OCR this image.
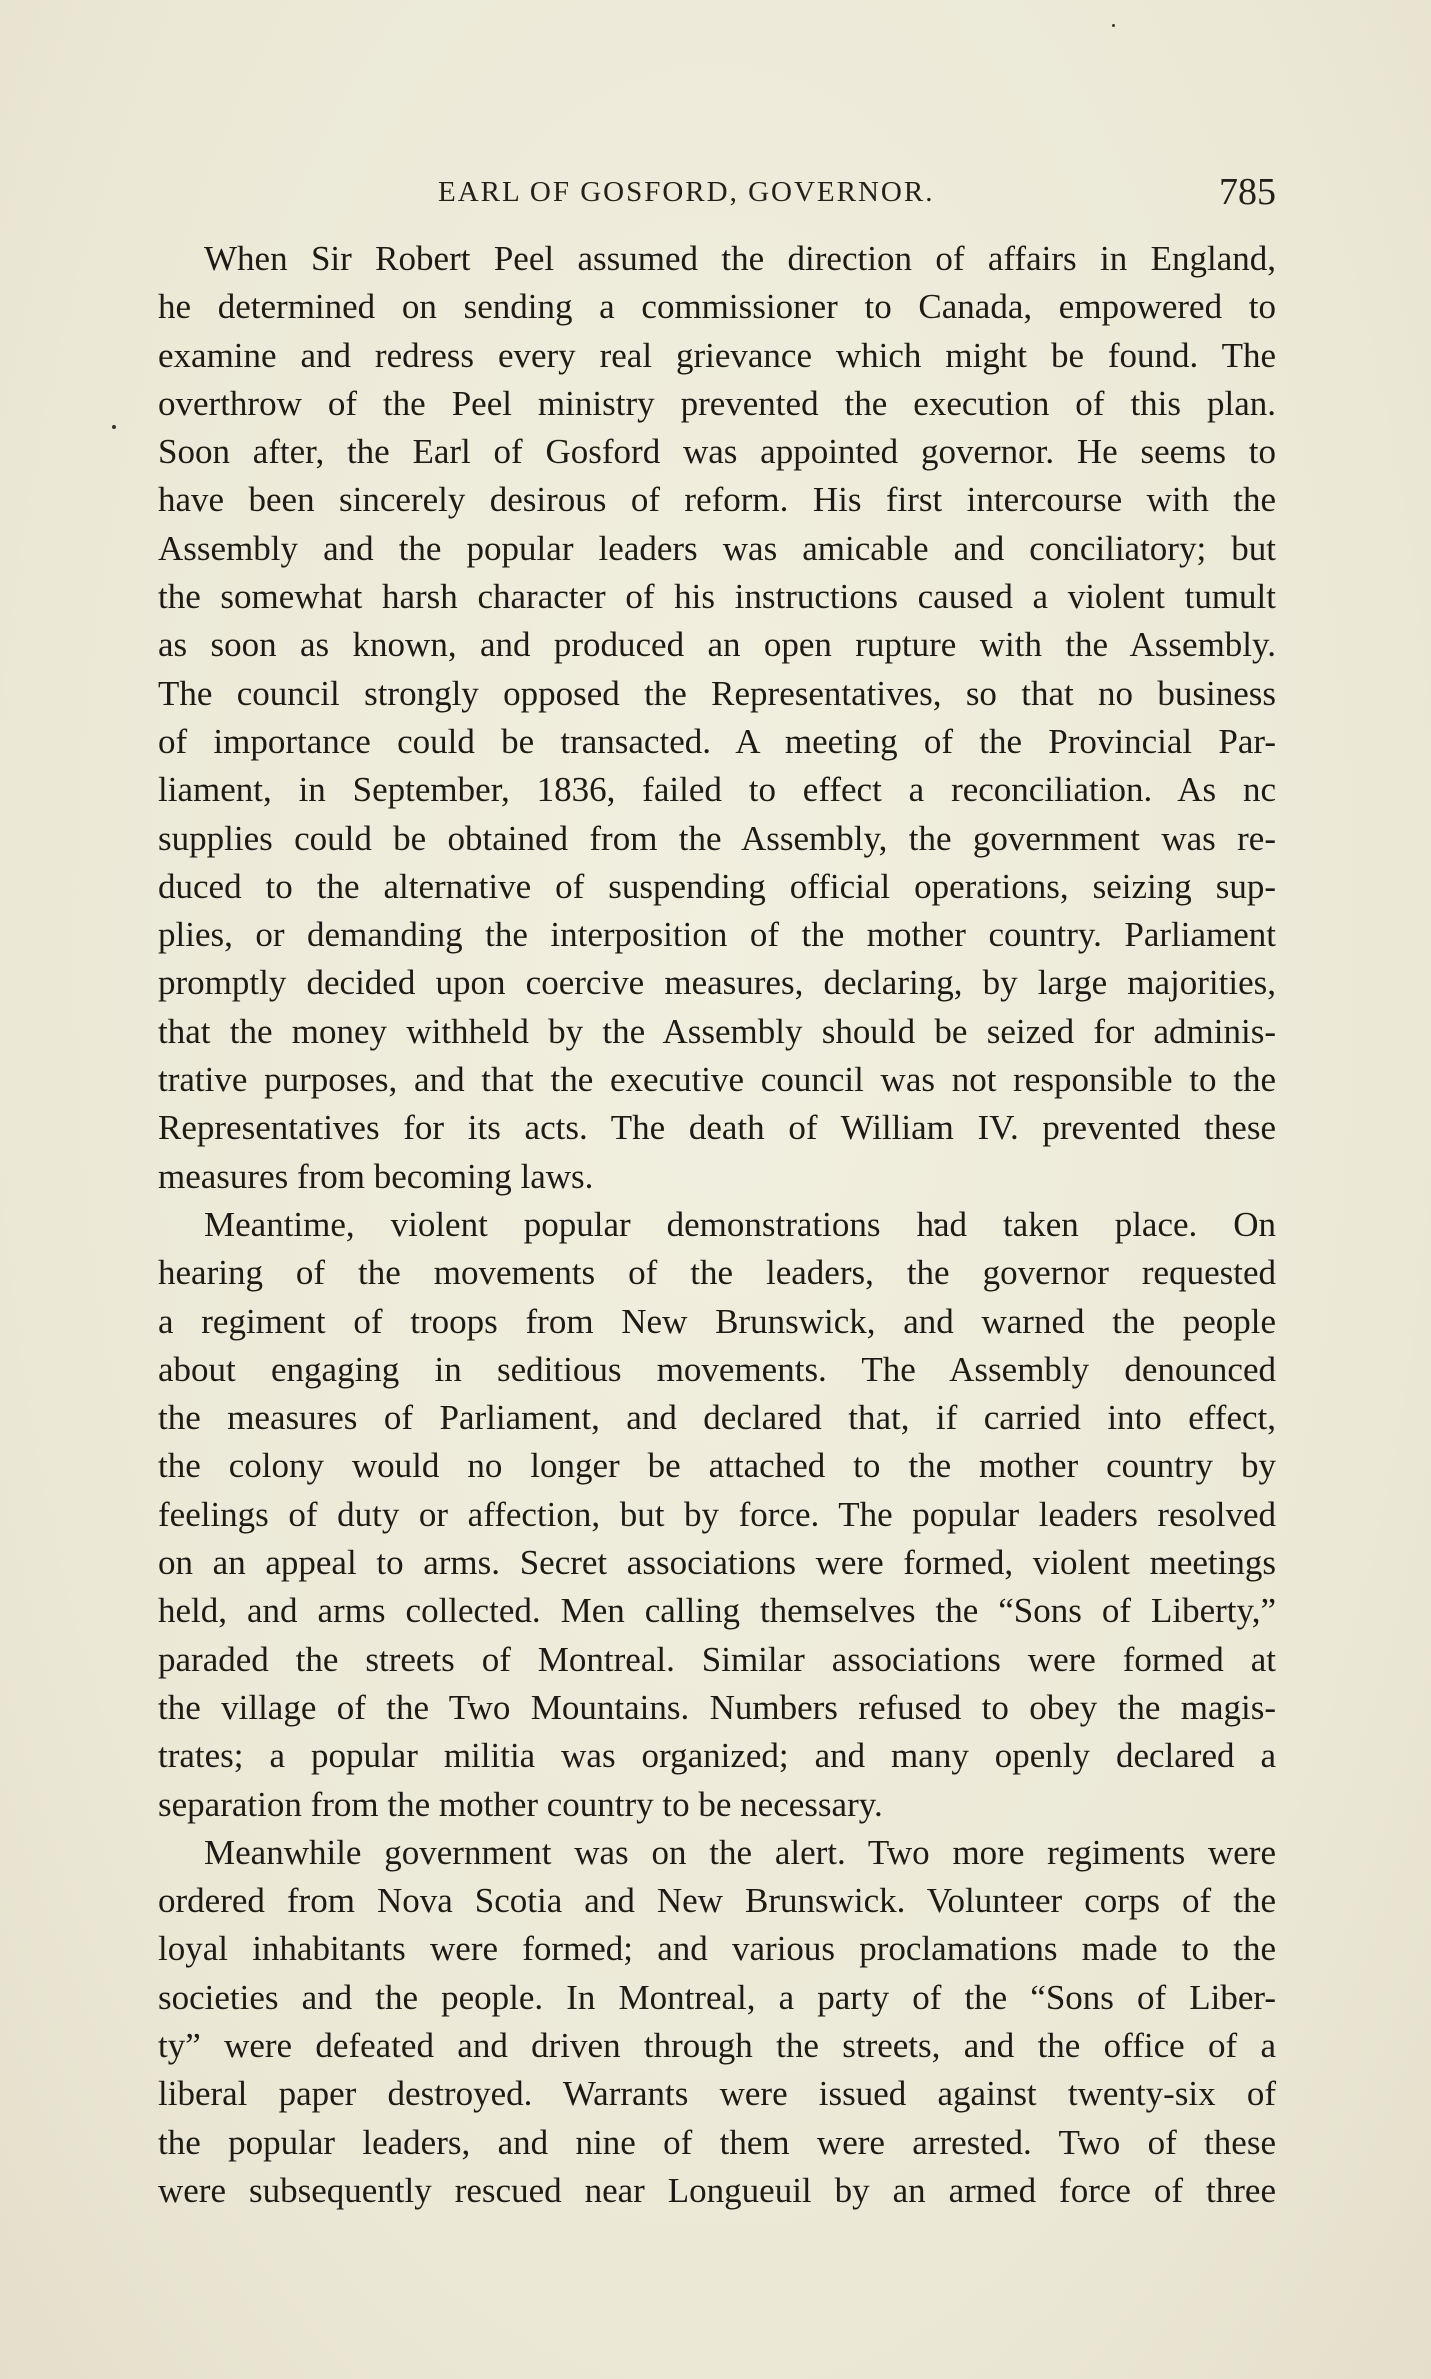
EARL OF GOSFORD, GOVERNOR.	785
When Sir Robert Peel assumed the direction of affairs in England,
he determined on sending a commissioner to Canada, empowered to
examine and redress every real grievance which might be found. The
overthrow of the Peel ministry prevented the execution of this plan.
Soon after, the Earl of Gosford was appointed governor. He seems to
have been sincerely desirous of reform. His first intercourse with the
Assembly and the popular leaders was amicable and conciliatory; but
the somewhat harsh character of his instructions caused a violent tumult
as soon as known, and produced an open rupture with the Assembly.
The council strongly opposed the Representatives, so that no business
of importance could be transacted. A meeting of the Provincial Par-
liament, in September, 1836, failed to effect a reconciliation. As nc
supplies could be obtained from the Assembly, the government was re-
duced to the alternative of suspending official operations, seizing sup-
plies, or demanding the interposition of the mother country. Parliament
promptly decided upon coercive measures, declaring, by large majorities,
that the money withheld by the Assembly should be seized for adminis-
trative purposes, and that the executive council was not responsible to the
Representatives for its acts. The death of William IV. prevented these
measures from becoming laws.
Meantime, violent popular demonstrations had taken place. On
hearing of the movements of the leaders, the governor requested
a regiment of troops from New Brunswick, and warned the people
about engaging in seditious movements. The Assembly denounced
the measures of Parliament, and declared that, if carried into effect,
the colony would no longer be attached to the mother country by
feelings of duty or affection, but by force. The popular leaders resolved
on an appeal to arms. Secret associations were formed, violent meetings
held, and arms collected. Men calling themselves the “Sons of Liberty,”
paraded the streets of Montreal. Similar associations were formed at
the village of the Two Mountains. Numbers refused to obey the magis-
trates; a popular militia was organized; and many openly declared a
separation from the mother country to be necessary.
Meanwhile government was on the alert. Two more regiments were
ordered from Nova Scotia and New Brunswick. Volunteer corps of the
loyal inhabitants were formed; and various proclamations made to the
societies and the people. In Montreal, a party of the “Sons of Liber-
ty” were defeated and driven through the streets, and the office of a
liberal paper destroyed. Warrants were issued against twenty-six of
the popular leaders, and nine of them were arrested. Two of these
were subsequently rescued near Longueuil by an armed force of three
